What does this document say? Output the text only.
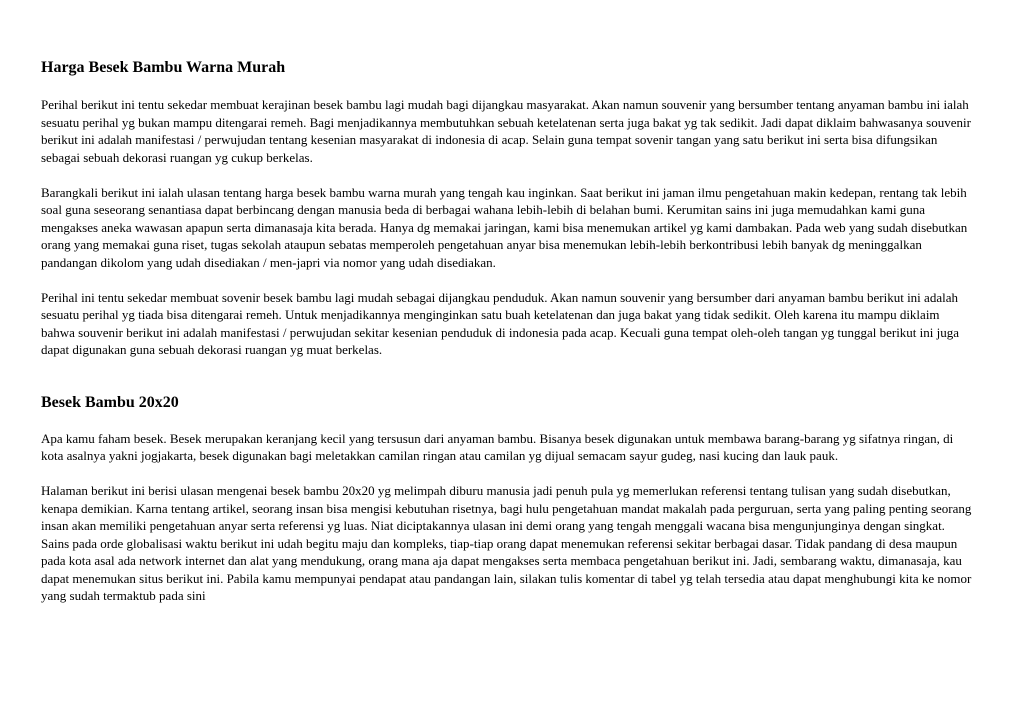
Harga Besek Bambu Warna Murah

Perihal berikut ini tentu sekedar membuat kerajinan besek bambu lagi mudah bagi dijangkau masyarakat. Akan namun souvenir yang bersumber tentang anyaman bambu ini ialah sesuatu perihal yg bukan mampu ditengarai remeh. Bagi menjadikannya membutuhkan sebuah ketelatenan serta juga bakat yg tak sedikit. Jadi dapat diklaim bahwasanya souvenir berikut ini adalah manifestasi / perwujudan tentang kesenian masyarakat di indonesia di acap. Selain guna tempat sovenir tangan yang satu berikut ini serta bisa difungsikan sebagai sebuah dekorasi ruangan yg cukup berkelas.

Barangkali berikut ini ialah ulasan tentang harga besek bambu warna murah yang tengah kau inginkan. Saat berikut ini jaman ilmu pengetahuan makin kedepan, rentang tak lebih soal guna seseorang senantiasa dapat berbincang dengan manusia beda di berbagai wahana lebih-lebih di belahan bumi. Kerumitan sains ini juga memudahkan kami guna mengakses aneka wawasan apapun serta dimanasaja kita berada. Hanya dg memakai jaringan, kami bisa menemukan artikel yg kami dambakan. Pada web yang sudah disebutkan orang yang memakai guna riset, tugas sekolah ataupun sebatas memperoleh pengetahuan anyar bisa menemukan lebih-lebih berkontribusi lebih banyak dg meninggalkan pandangan dikolom yang udah disediakan / men-japri via nomor yang udah disediakan.

Perihal ini tentu sekedar membuat sovenir besek bambu lagi mudah sebagai dijangkau penduduk. Akan namun souvenir yang bersumber dari anyaman bambu berikut ini adalah sesuatu perihal yg tiada bisa ditengarai remeh. Untuk menjadikannya menginginkan satu buah ketelatenan dan juga bakat yang tidak sedikit. Oleh karena itu mampu diklaim bahwa souvenir berikut ini adalah manifestasi / perwujudan sekitar kesenian penduduk di indonesia pada acap. Kecuali guna tempat oleh-oleh tangan yg tunggal berikut ini juga dapat digunakan guna sebuah dekorasi ruangan yg muat berkelas.

Besek Bambu 20x20

Apa kamu faham besek. Besek merupakan keranjang kecil yang tersusun dari anyaman bambu. Bisanya besek digunakan untuk membawa barang-barang yg sifatnya ringan, di kota asalnya yakni jogjakarta, besek digunakan bagi meletakkan camilan ringan atau camilan yg dijual semacam sayur gudeg, nasi kucing dan lauk pauk.

Halaman berikut ini berisi ulasan mengenai besek bambu 20x20 yg melimpah diburu manusia jadi penuh pula yg memerlukan referensi tentang tulisan yang sudah disebutkan, kenapa demikian. Karna tentang artikel, seorang insan bisa mengisi kebutuhan risetnya, bagi hulu pengetahuan mandat makalah pada perguruan, serta yang paling penting seorang insan akan memiliki pengetahuan anyar serta referensi yg luas. Niat diciptakannya ulasan ini demi orang yang tengah menggali wacana bisa mengunjunginya dengan singkat. Sains pada orde globalisasi waktu berikut ini udah begitu maju dan kompleks, tiap-tiap orang dapat menemukan referensi sekitar berbagai dasar. Tidak pandang di desa maupun pada kota asal ada network internet dan alat yang mendukung, orang mana aja dapat mengakses serta membaca pengetahuan berikut ini. Jadi, sembarang waktu, dimanasaja, kau dapat menemukan situs berikut ini. Pabila kamu mempunyai pendapat atau pandangan lain, silakan tulis komentar di tabel yg telah tersedia atau dapat menghubungi kita ke nomor yang sudah termaktub pada sini
